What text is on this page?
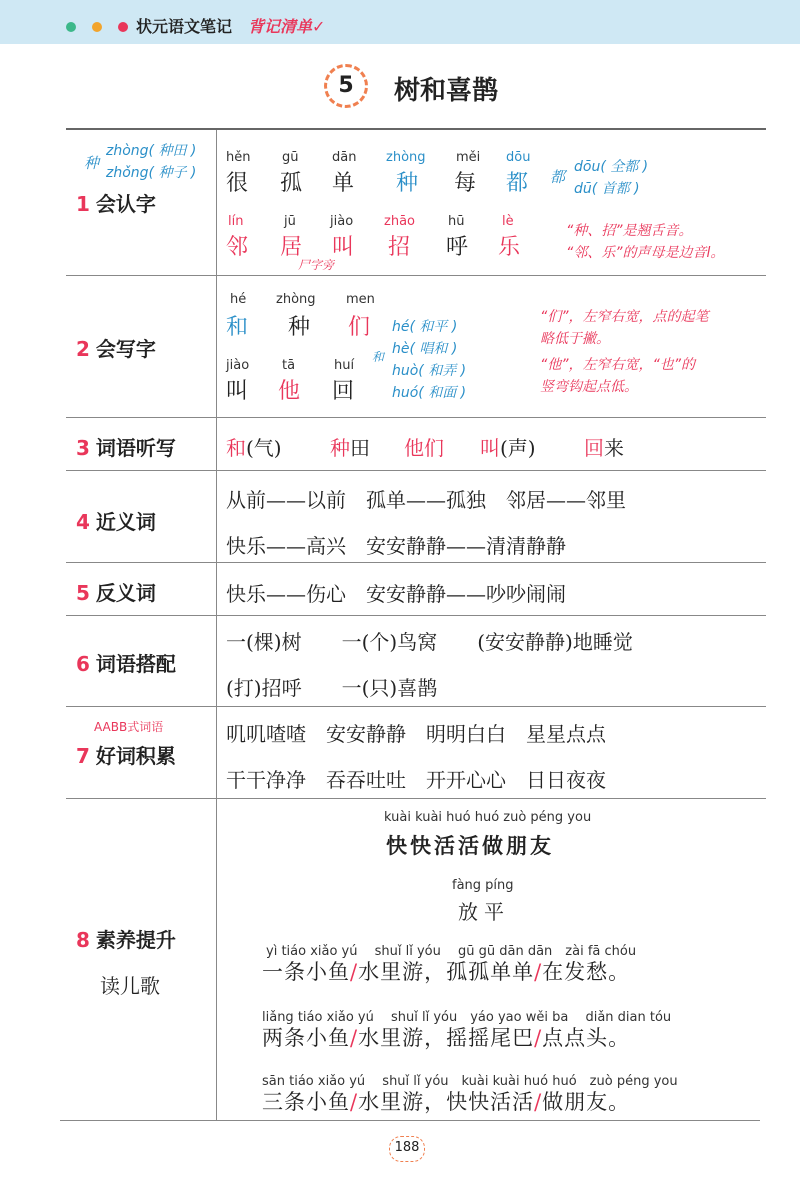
状元语文笔记 背记清单✓
5	树和喜鹊
1 会认字
2 会写字
3 词语听写
4 近义词
5 反义词
6 词语搭配
7 好词积累
8 素养提升
读儿歌
种
zhòng( 种田 )
zhǒng( 种子 )
hěn
很
gū
孤
dān
单
zhòng
种
měi
每
dōu
都 都
dōu( 全都 )
dū( 首都 )
lín
邻
jū
居
jiào
叫
zhāo
招
hū
呼
lè
乐
尸字旁
“种、招”是翘舌音。
“邻、乐”的声母是边音l。
hé
和
zhòng
种
men
们
jiào
叫
tā
他
huí
回
和
hé( 和平 )
hè( 唱和 )
huò( 和弄 )
huó( 和面 )
“们”，左窄右宽，点的起笔
略低于撇。
“他”，左窄右宽，“也”的
竖弯钩起点低。
和(气) 种田 他们 叫(声) 回来
从前——以前　孤单——孤独　邻居——邻里
快乐——高兴　安安静静——清清静静
快乐——伤心　安安静静——吵吵闹闹
一(棵)树　　一(个)鸟窝　　(安安静静)地睡觉
(打)招呼　　一(只)喜鹊
AABB式词语	叽叽喳喳　安安静静　明明白白　星星点点
干干净净　吞吞吐吐　开开心心　日日夜夜
kuài kuài huó huó zuò péng you
快快活活做朋友
fàng píng
放平
yì tiáo xiǎo yú　 shuǐ lǐ yóu　 gū gū dān dān　zài fā chóu
一条小鱼/水里游，孤孤单单/在发愁。
liǎng tiáo xiǎo yú　 shuǐ lǐ yóu　yáo yao wěi ba　 diǎn dian tóu
两条小鱼/水里游，摇摇尾巴/点点头。
sān tiáo xiǎo yú　 shuǐ lǐ yóu　kuài kuài huó huó　zuò péng you
三条小鱼/水里游，快快活活/做朋友。
188
